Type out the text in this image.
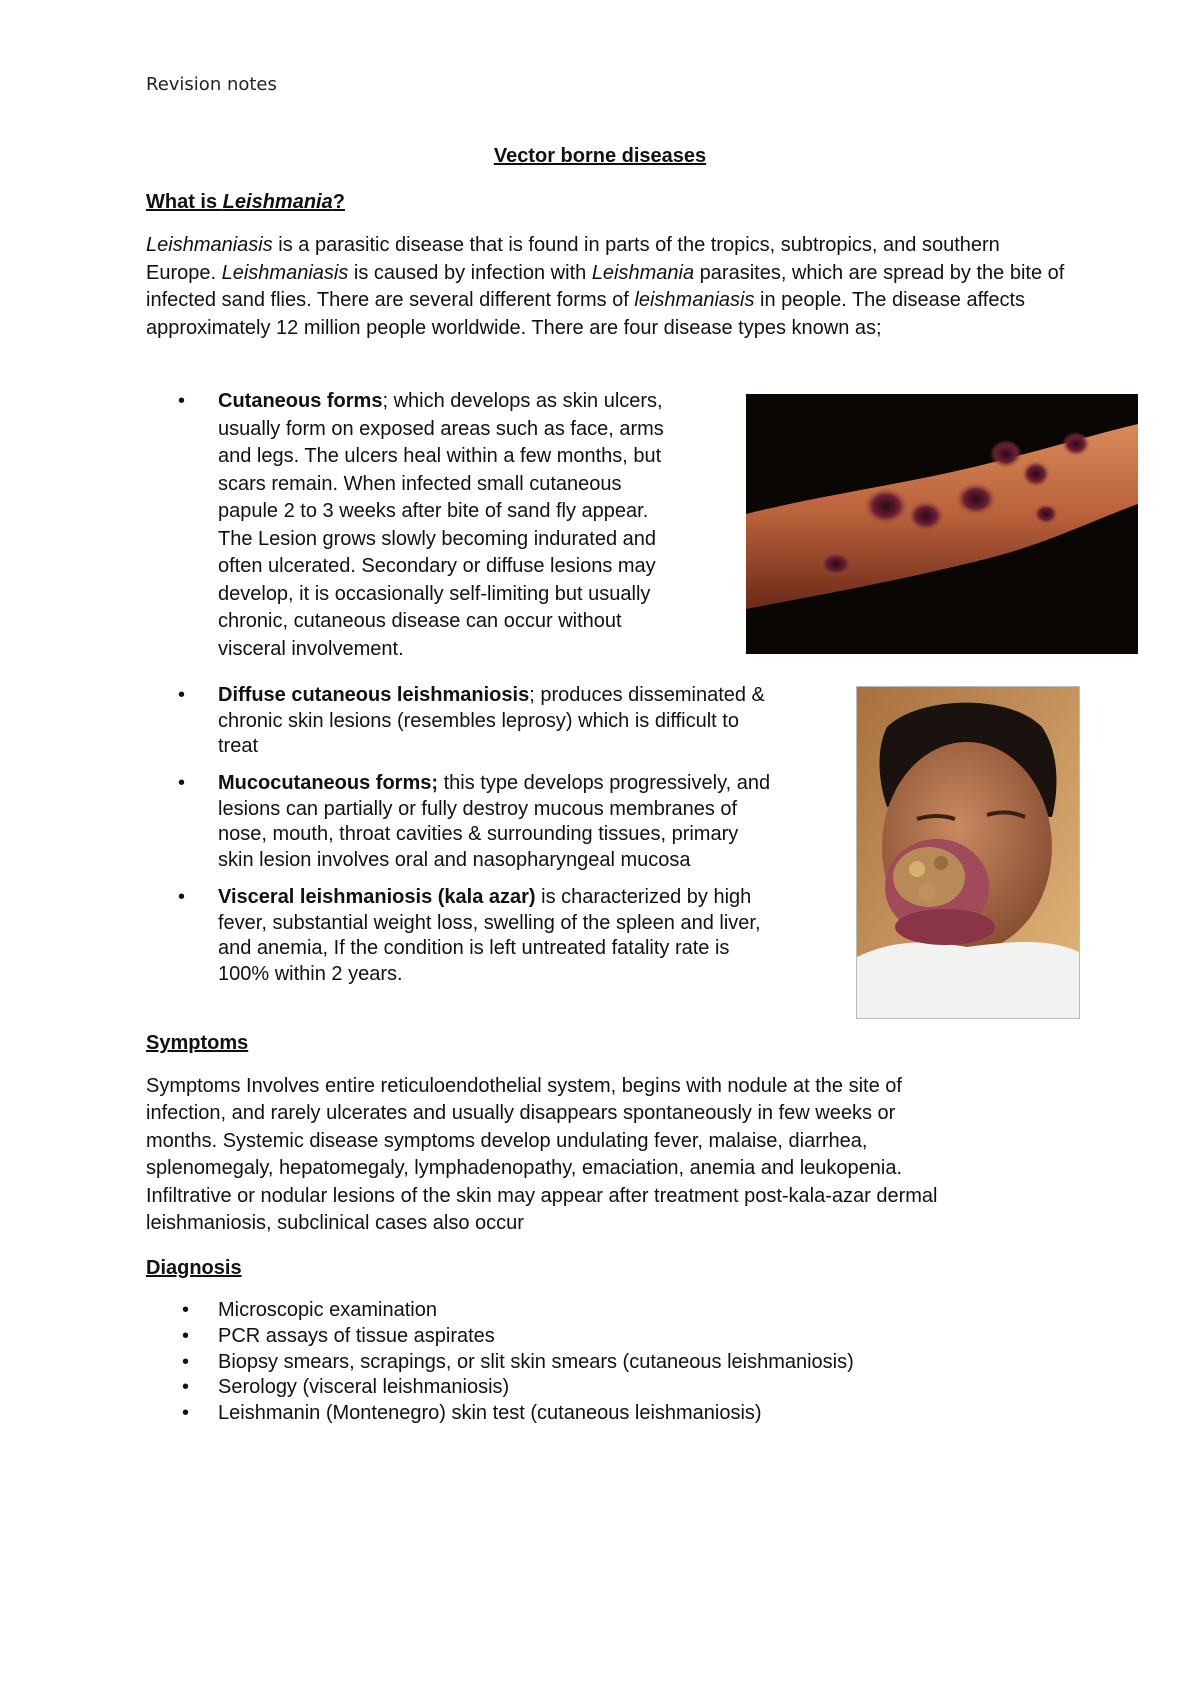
Revision notes
Vector borne diseases
What is Leishmania?

Leishmaniasis is a parasitic disease that is found in parts of the tropics, subtropics, and southern Europe. Leishmaniasis is caused by infection with Leishmania parasites, which are spread by the bite of infected sand flies. There are several different forms of leishmaniasis in people. The disease affects approximately 12 million people worldwide. There are four disease types known as;

• Cutaneous forms; which develops as skin ulcers,
usually form on exposed areas such as face, arms
and legs. The ulcers heal within a few months, but
scars remain. When infected small cutaneous
papule 2 to 3 weeks after bite of sand fly appear.
The Lesion grows slowly becoming indurated and
often ulcerated. Secondary or diffuse lesions may
develop, it is occasionally self-limiting but usually
chronic, cutaneous disease can occur without
visceral involvement.
• Diffuse cutaneous leishmaniosis; produces disseminated &
chronic skin lesions (resembles leprosy) which is difficult to
treat
• Mucocutaneous forms; this type develops progressively, and
lesions can partially or fully destroy mucous membranes of
nose, mouth, throat cavities & surrounding tissues, primary
skin lesion involves oral and nasopharyngeal mucosa
• Visceral leishmaniosis (kala azar) is characterized by high
fever, substantial weight loss, swelling of the spleen and liver,
and anemia, If the condition is left untreated fatality rate is
100% within 2 years.
Symptoms
Symptoms Involves entire reticuloendothelial system, begins with nodule at the site of
infection, and rarely ulcerates and usually disappears spontaneously in few weeks or
months. Systemic disease symptoms develop undulating fever, malaise, diarrhea,
splenomegaly, hepatomegaly, lymphadenopathy, emaciation, anemia and leukopenia.
Infiltrative or nodular lesions of the skin may appear after treatment post-kala-azar dermal
leishmaniosis, subclinical cases also occur
Diagnosis
• Microscopic examination
• PCR assays of tissue aspirates
• Biopsy smears, scrapings, or slit skin smears (cutaneous leishmaniosis)
• Serology (visceral leishmaniosis)
• Leishmanin (Montenegro) skin test (cutaneous leishmaniosis)
